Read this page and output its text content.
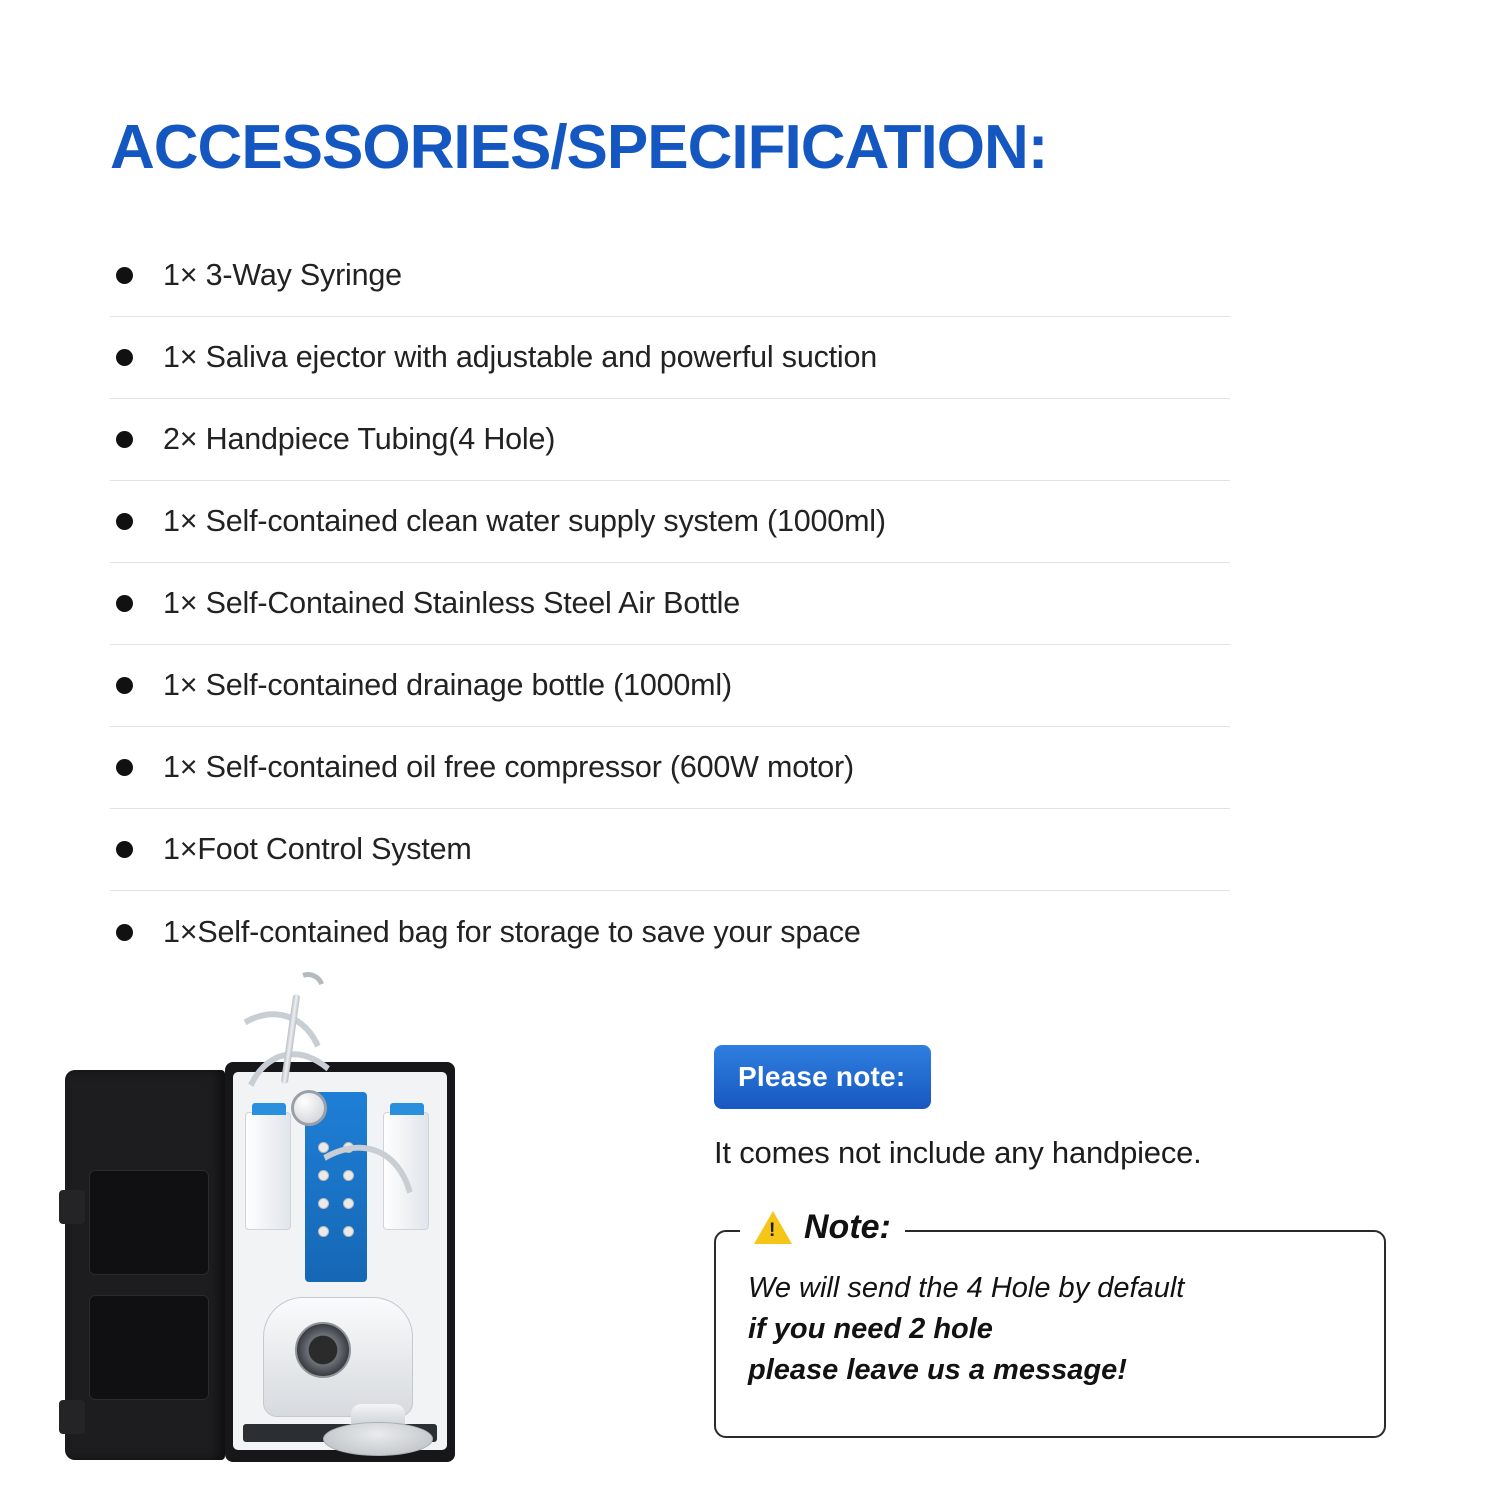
ACCESSORIES/SPECIFICATION:
1× 3-Way Syringe
1× Saliva ejector with adjustable and powerful suction
2× Handpiece Tubing(4 Hole)
1× Self-contained clean water supply system (1000ml)
1× Self-Contained Stainless Steel Air Bottle
1× Self-contained drainage bottle (1000ml)
1× Self-contained oil free compressor (600W motor)
1×Foot Control System
1×Self-contained bag for storage to save your space
Please note:
It comes not include any handpiece.
!
Note:
We will send the 4 Hole by default
if you need 2 hole
please leave us a message!
